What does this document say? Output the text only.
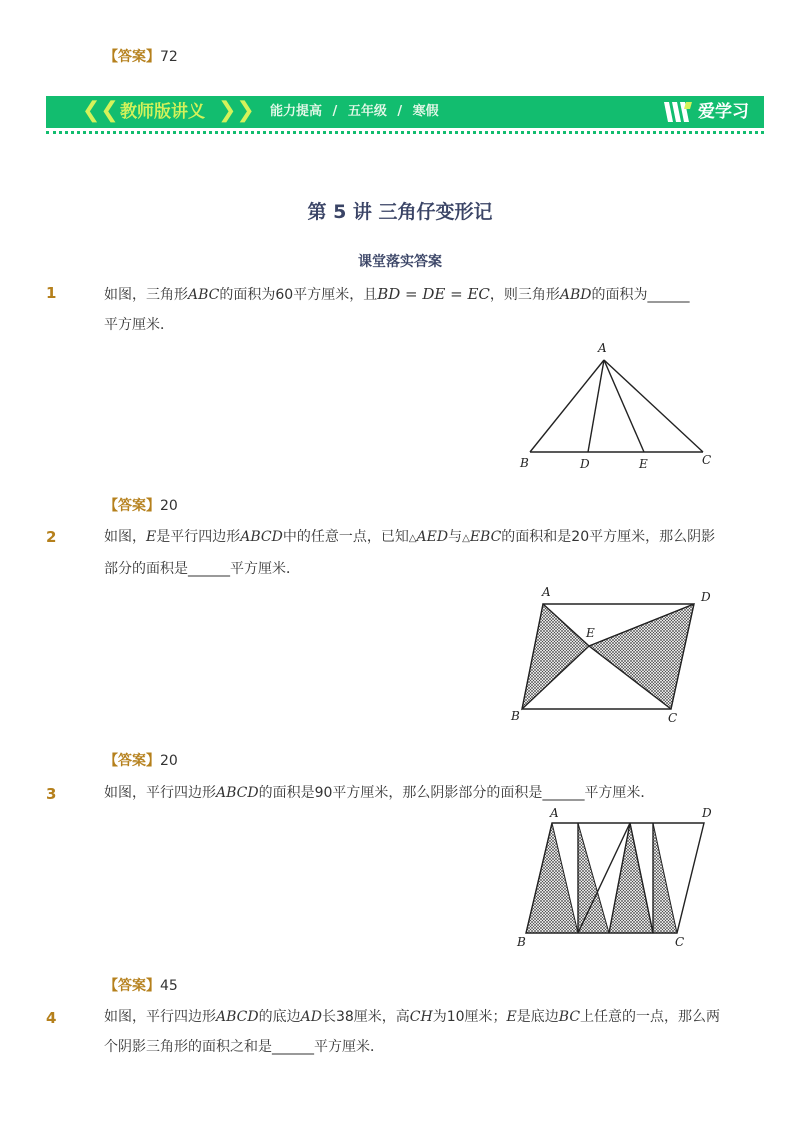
【答案】72
❮❮ 教师版讲义 ❯❯ 能力提高 / 五年级 / 寒假	爱学习
第 5 讲 三角仔变形记
课堂落实答案
1	如图，三角形ABC的面积为60平方厘米，且BD = DE = EC，则三角形ABD的面积为______
平方厘米．
A
B	D	E	C
【答案】20
2	如图，E是平行四边形ABCD中的任意一点，已知△AED与△EBC的面积和是20平方厘米，那么阴影
部分的面积是______平方厘米．
A	D
E
B	C
【答案】20
3	如图，平行四边形ABCD的面积是90平方厘米，那么阴影部分的面积是______平方厘米．
A	D
B	C
【答案】45
4	如图，平行四边形ABCD的底边AD长38厘米，高CH为10厘米；E是底边BC上任意的一点，那么两
个阴影三角形的面积之和是______平方厘米．
